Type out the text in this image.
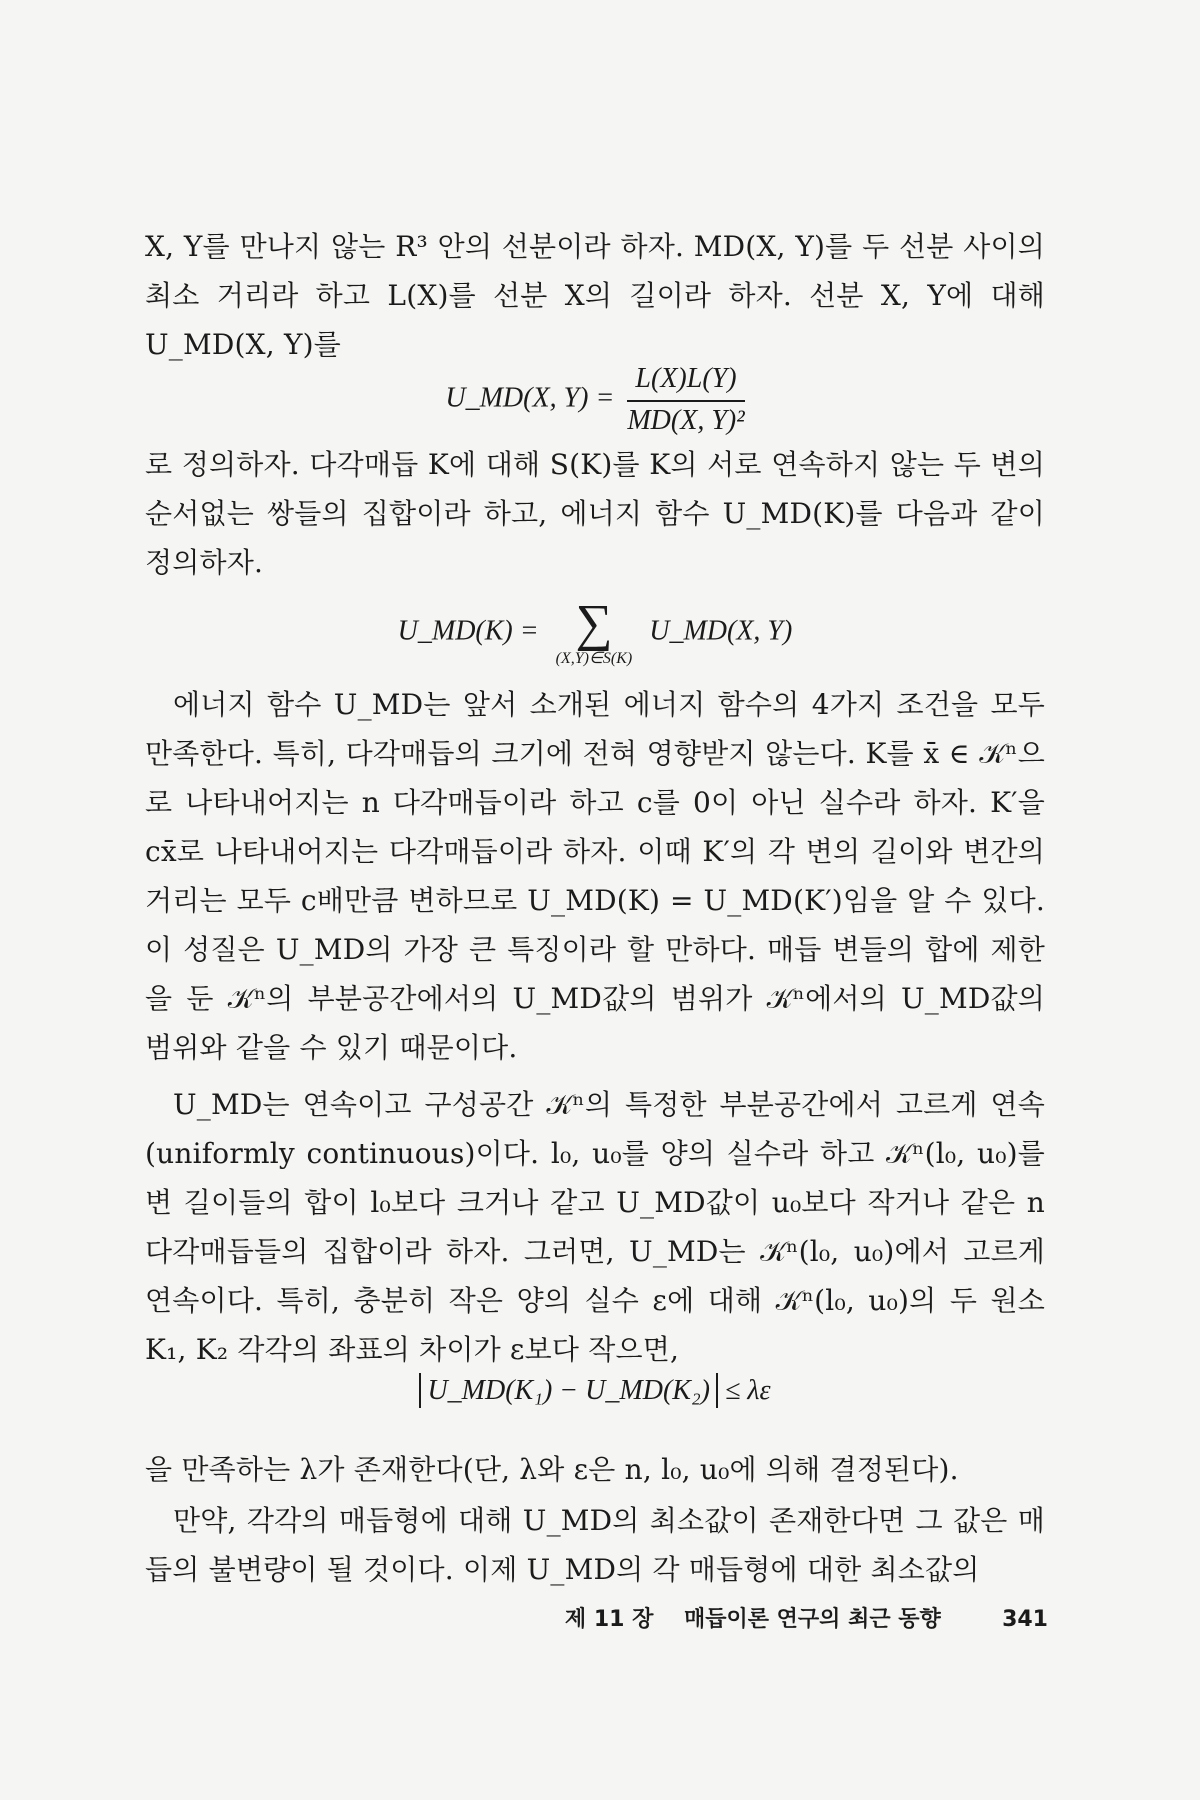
X, Y를 만나지 않는 R³ 안의 선분이라 하자. MD(X, Y)를 두 선분 사이의 최소 거리라 하고 L(X)를 선분 X의 길이라 하자. 선분 X, Y에 대해 U_MD(X, Y)를

U_MD(X, $Y) = \frac{L(X)L(Y)}{\text{MD(X, Y)²}}$

로 정의하자. 다각매듭 K에 대해 S(K)를 K의 서로 연속하지 않는 두 변의 순서없는 쌍들의 집합이라 하고, 에너지 함수 U_MD(K)를 다음과 같이 정의하자.

U_MD(K) = ∑
(X,Y)∈S(K)
U_MD(X, Y)

에너지 함수 U_MD는 앞서 소개된 에너지 함수의 4가지 조건을 모두 만족한다. 특히, 다각매듭의 크기에 전혀 영향받지 않는다. K를 x̄ ∈ 𝒦ⁿ으로 나타내어지는 n 다각매듭이라 하고 c를 0이 아닌 실수라 하자. K′을 cx̄로 나타내어지는 다각매듭이라 하자. 이때 K′의 각 변의 길이와 변간의 거리는 모두 c배만큼 변하므로 U_MD(K) = U_MD(K′)임을 알 수 있다. 이 성질은 U_MD의 가장 큰 특징이라 할 만하다. 매듭 변들의 합에 제한을 둔 𝒦ⁿ의 부분공간에서의 U_MD값의 범위가 𝒦ⁿ에서의 U_MD값의 범위와 같을 수 있기 때문이다.

U_MD는 연속이고 구성공간 𝒦ⁿ의 특정한 부분공간에서 고르게 연속(uniformly continuous)이다. l₀, u₀를 양의 실수라 하고 𝒦ⁿ(l₀, u₀)를 변 길이들의 합이 l₀보다 크거나 같고 U_MD값이 u₀보다 작거나 같은 n 다각매듭들의 집합이라 하자. 그러면, U_MD는 𝒦ⁿ(l₀, u₀)에서 고르게 연속이다. 특히, 충분히 작은 양의 실수 ε에 대해 𝒦ⁿ(l₀, u₀)의 두 원소 K₁, K₂ 각각의 좌표의 차이가 ε보다 작으면,

U_MD(K₁) − U_MD(K₂) ≤ λε

을 만족하는 λ가 존재한다(단, λ와 ε은 n, l₀, u₀에 의해 결정된다).

만약, 각각의 매듭형에 대해 U_MD의 최소값이 존재한다면 그 값은 매듭의 불변량이 될 것이다. 이제 U_MD의 각 매듭형에 대한 최소값의

제 11 장 매듭이론 연구의 최근 동향	341
